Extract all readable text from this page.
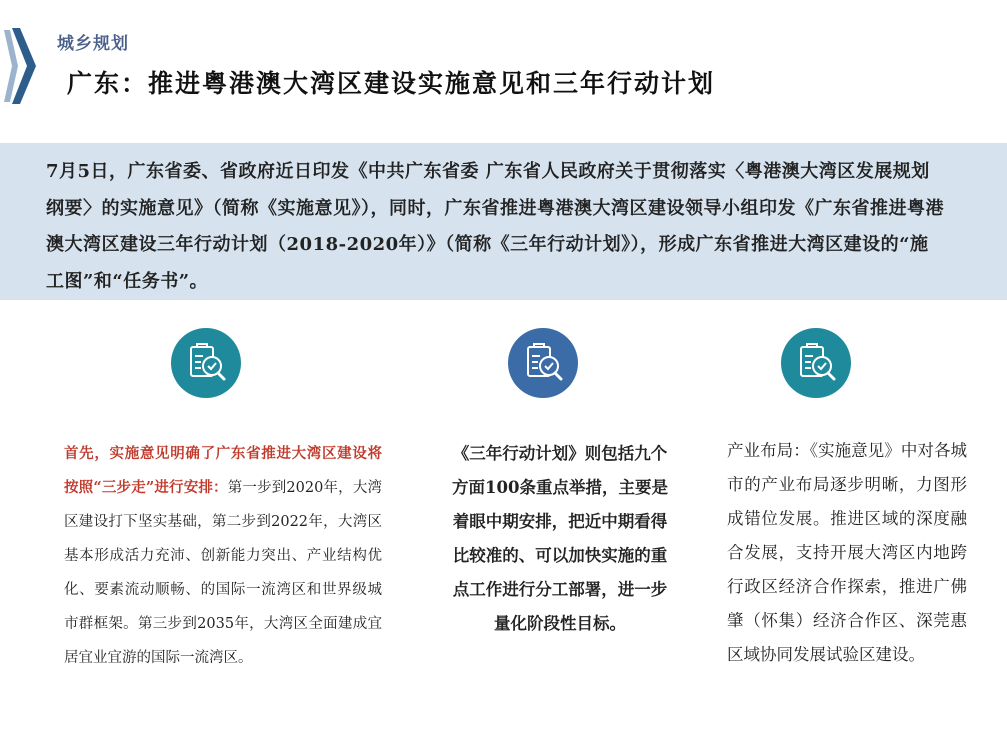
城乡规划
广东：推进粤港澳大湾区建设实施意见和三年行动计划

7月5日，广东省委、省政府近日印发《中共广东省委 广东省人民政府关于贯彻落实〈粤港澳大湾区发展规划纲要〉的实施意见》（简称《实施意见》），同时，广东省推进粤港澳大湾区建设领导小组印发《广东省推进粤港澳大湾区建设三年行动计划（2018-2020年）》（简称《三年行动计划》），形成广东省推进大湾区建设的“施工图”和“任务书”。

首先，实施意见明确了广东省推进大湾区建设将按照“三步走”进行安排：第一步到2020年，大湾区建设打下坚实基础，第二步到2022年，大湾区基本形成活力充沛、创新能力突出、产业结构优化、要素流动顺畅、的国际一流湾区和世界级城市群框架。第三步到2035年，大湾区全面建成宜居宜业宜游的国际一流湾区。
《三年行动计划》则包括九个方面100条重点举措，主要是着眼中期安排，把近中期看得比较准的、可以加快实施的重点工作进行分工部署，进一步量化阶段性目标。
产业布局：《实施意见》中对各城市的产业布局逐步明晰，力图形成错位发展。推进区域的深度融合发展，支持开展大湾区内地跨行政区经济合作探索，推进广佛肇（怀集）经济合作区、深莞惠区域协同发展试验区建设。
